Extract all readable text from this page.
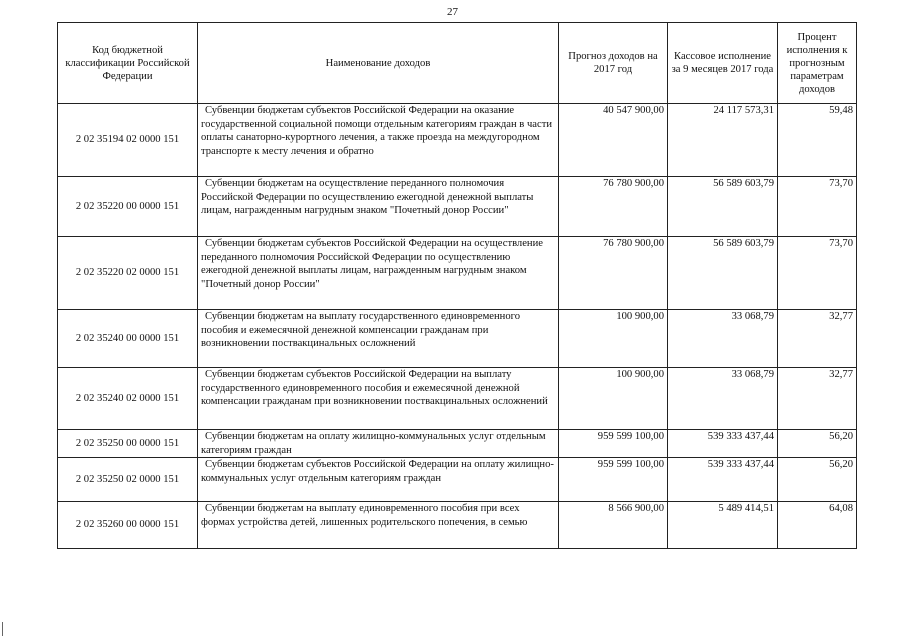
27
Код бюджетной классификации Российской Федерации	Наименование доходов	Прогноз доходов на 2017 год	Кассовое исполнение за 9 месяцев 2017 года	Процент исполнения к прогнозным параметрам доходов
2 02 35194 02 0000 151	Субвенции бюджетам субъектов Российской Федерации на оказание государственной социальной помощи отдельным категориям граждан в части оплаты санаторно-курортного лечения, а также проезда на междугородном транспорте к месту лечения и обратно	40 547 900,00	24 117 573,31	59,48
2 02 35220 00 0000 151	Субвенции бюджетам на осуществление переданного полномочия Российской Федерации по осуществлению ежегодной денежной выплаты лицам, награжденным нагрудным знаком "Почетный донор России"	76 780 900,00	56 589 603,79	73,70
2 02 35220 02 0000 151	Субвенции бюджетам субъектов Российской Федерации на осуществление переданного полномочия Российской Федерации по осуществлению ежегодной денежной выплаты лицам, награжденным нагрудным знаком "Почетный донор России"	76 780 900,00	56 589 603,79	73,70
2 02 35240 00 0000 151	Субвенции бюджетам на выплату государственного единовременного пособия и ежемесячной денежной компенсации гражданам при возникновении поствакцинальных осложнений	100 900,00	33 068,79	32,77
2 02 35240 02 0000 151	Субвенции бюджетам субъектов Российской Федерации на выплату государственного единовременного пособия и ежемесячной денежной компенсации гражданам при возникновении поствакцинальных осложнений	100 900,00	33 068,79	32,77
2 02 35250 00 0000 151	Субвенции бюджетам на оплату жилищно-коммунальных услуг отдельным категориям граждан	959 599 100,00	539 333 437,44	56,20
2 02 35250 02 0000 151	Субвенции бюджетам субъектов Российской Федерации на оплату жилищно-коммунальных услуг отдельным категориям граждан	959 599 100,00	539 333 437,44	56,20
2 02 35260 00 0000 151	Субвенции бюджетам на выплату единовременного пособия при всех формах устройства детей, лишенных родительского попечения, в семью	8 566 900,00	5 489 414,51	64,08
